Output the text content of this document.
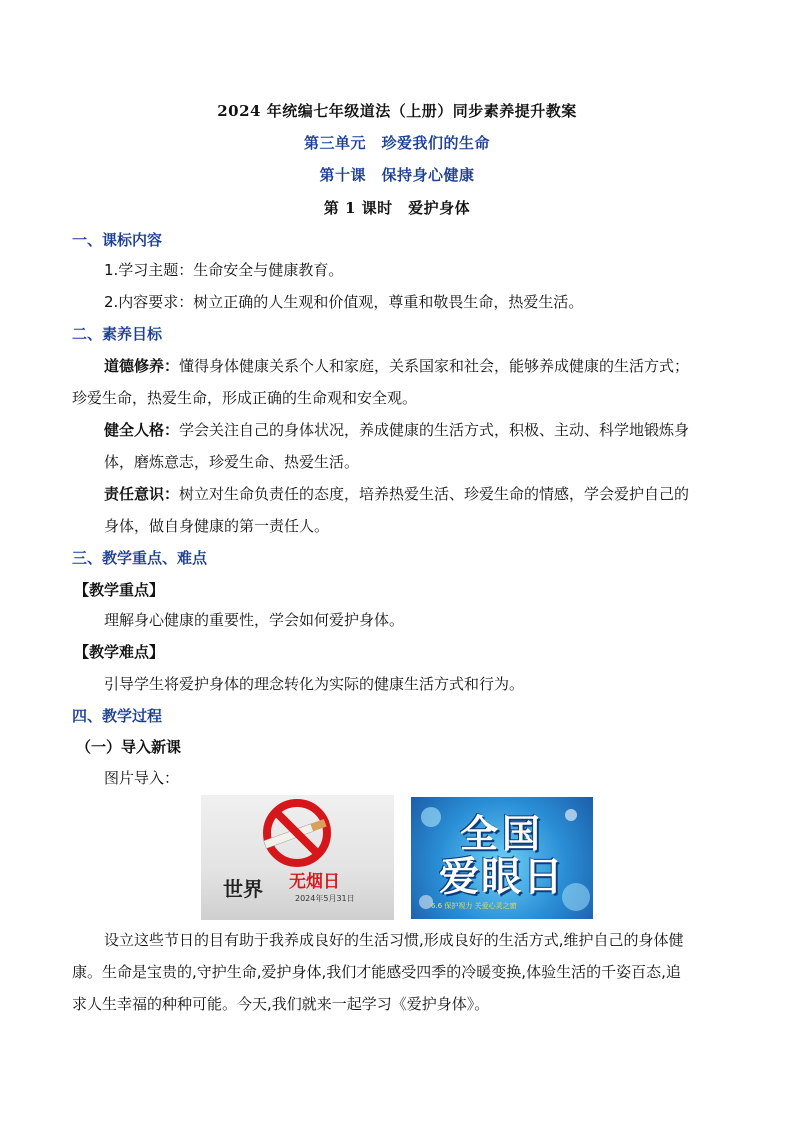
2024 年统编七年级道法（上册）同步素养提升教案
第三单元　珍爱我们的生命
第十课　保持身心健康
第 1 课时　爱护身体
一、课标内容
1.学习主题：生命安全与健康教育。
2.内容要求：树立正确的人生观和价值观，尊重和敬畏生命，热爱生活。
二、素养目标
道德修养：懂得身体健康关系个人和家庭，关系国家和社会，能够养成健康的生活方式；
珍爱生命，热爱生命，形成正确的生命观和安全观。
健全人格：学会关注自己的身体状况，养成健康的生活方式，积极、主动、科学地锻炼身
体，磨炼意志，珍爱生命、热爱生活。
责任意识：树立对生命负责任的态度，培养热爱生活、珍爱生命的情感，学会爱护自己的
身体，做自身健康的第一责任人。
三、教学重点、难点
【教学重点】
理解身心健康的重要性，学会如何爱护身体。
【教学难点】
引导学生将爱护身体的理念转化为实际的健康生活方式和行为。
四、教学过程
（一）导入新课
图片导入：
世界 无烟日
2024年5月31日
全国
爱眼日
6.6 保护视力 关爱心灵之窗
设立这些节日的目有助于我养成良好的生活习惯,形成良好的生活方式,维护自己的身体健
康。生命是宝贵的,守护生命,爱护身体,我们才能感受四季的冷暖变换,体验生活的千姿百态,追
求人生幸福的种种可能。今天,我们就来一起学习《爱护身体》。
